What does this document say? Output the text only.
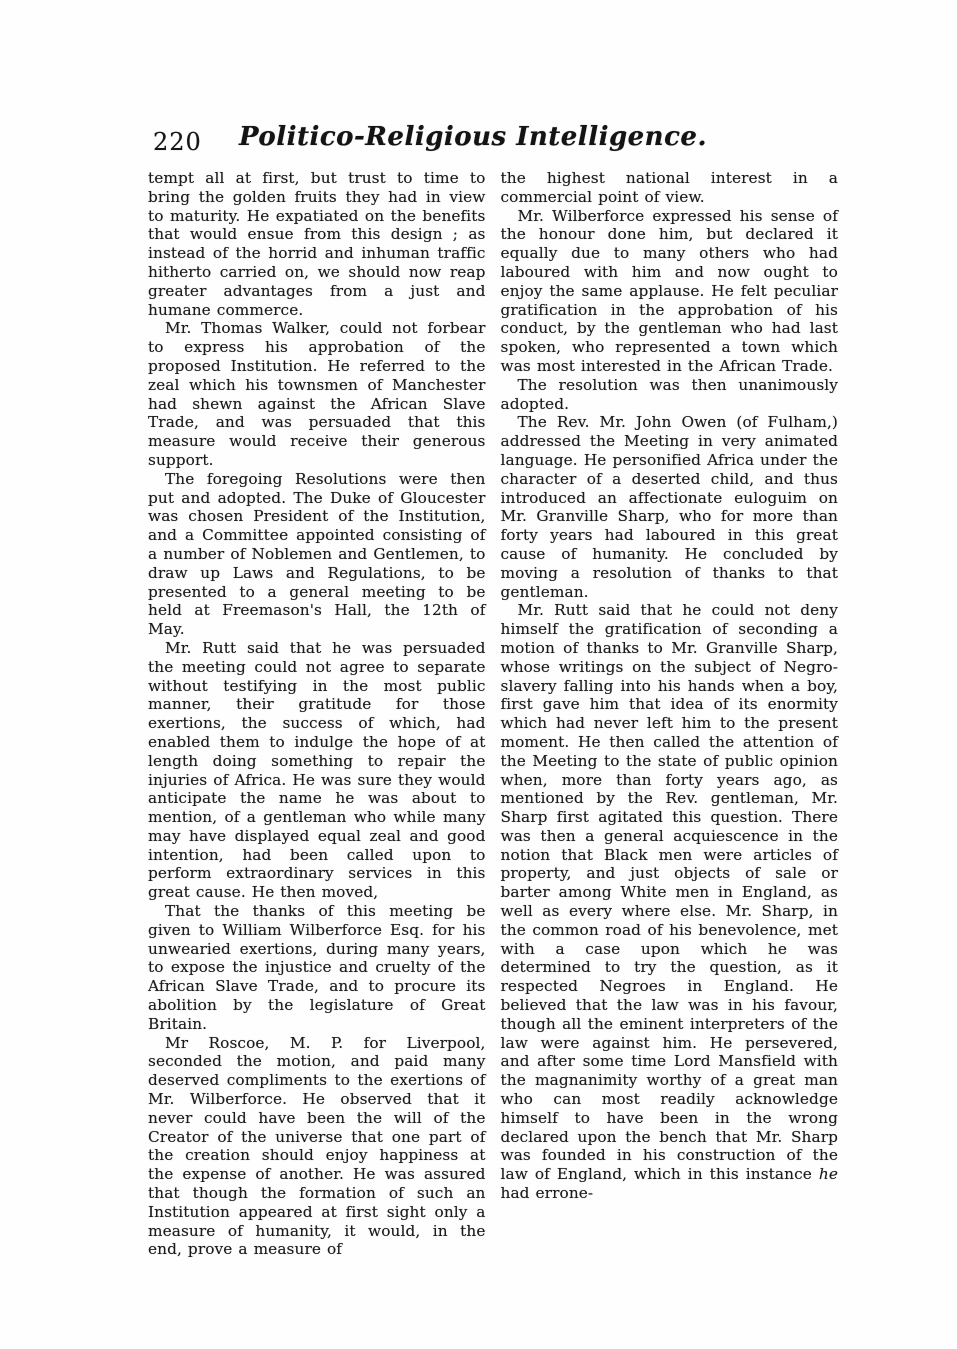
220	Politico-Religious Intelligence.

tempt all at first, but trust to time to bring the golden fruits they had in view to maturity. He expatiated on the benefits that would ensue from this design ; as instead of the horrid and inhuman traffic hitherto carried on, we should now reap greater advantages from a just and humane commerce.

Mr. Thomas Walker, could not forbear to express his approbation of the proposed Institution. He referred to the zeal which his townsmen of Manchester had shewn against the African Slave Trade, and was persuaded that this measure would receive their generous support.

The foregoing Resolutions were then put and adopted. The Duke of Gloucester was chosen President of the Institution, and a Committee appointed consisting of a number of Noblemen and Gentlemen, to draw up Laws and Regulations, to be presented to a general meeting to be held at Freemason's Hall, the 12th of May.

Mr. Rutt said that he was persuaded the meeting could not agree to separate without testifying in the most public manner, their gratitude for those exertions, the success of which, had enabled them to indulge the hope of at length doing something to repair the injuries of Africa. He was sure they would anticipate the name he was about to mention, of a gentleman who while many may have displayed equal zeal and good intention, had been called upon to perform extraordinary services in this great cause. He then moved,

That the thanks of this meeting be given to William Wilberforce Esq. for his unwearied exertions, during many years, to expose the injustice and cruelty of the African Slave Trade, and to procure its abolition by the legislature of Great Britain.

Mr Roscoe, M. P. for Liverpool, seconded the motion, and paid many deserved compliments to the exertions of Mr. Wilberforce. He observed that it never could have been the will of the Creator of the universe that one part of the creation should enjoy happiness at the expense of another. He was assured that though the formation of such an Institution appeared at first sight only a measure of humanity, it would, in the end, prove a measure of

the highest national interest in a commercial point of view.

Mr. Wilberforce expressed his sense of the honour done him, but declared it equally due to many others who had laboured with him and now ought to enjoy the same applause. He felt peculiar gratification in the approbation of his conduct, by the gentleman who had last spoken, who represented a town which was most interested in the African Trade.

The resolution was then unanimously adopted.

The Rev. Mr. John Owen (of Fulham,) addressed the Meeting in very animated language. He personified Africa under the character of a deserted child, and thus introduced an affectionate euloguim on Mr. Granville Sharp, who for more than forty years had laboured in this great cause of humanity. He concluded by moving a resolution of thanks to that gentleman.

Mr. Rutt said that he could not deny himself the gratification of seconding a motion of thanks to Mr. Granville Sharp, whose writings on the subject of Negro-slavery falling into his hands when a boy, first gave him that idea of its enormity which had never left him to the present moment. He then called the attention of the Meeting to the state of public opinion when, more than forty years ago, as mentioned by the Rev. gentleman, Mr. Sharp first agitated this question. There was then a general acquiescence in the notion that Black men were articles of property, and just objects of sale or barter among White men in England, as well as every where else. Mr. Sharp, in the common road of his benevolence, met with a case upon which he was determined to try the question, as it respected Negroes in England. He believed that the law was in his favour, though all the eminent interpreters of the law were against him. He persevered, and after some time Lord Mansfield with the magnanimity worthy of a great man who can most readily acknowledge himself to have been in the wrong declared upon the bench that Mr. Sharp was founded in his construction of the law of England, which in this instance he had errone-
